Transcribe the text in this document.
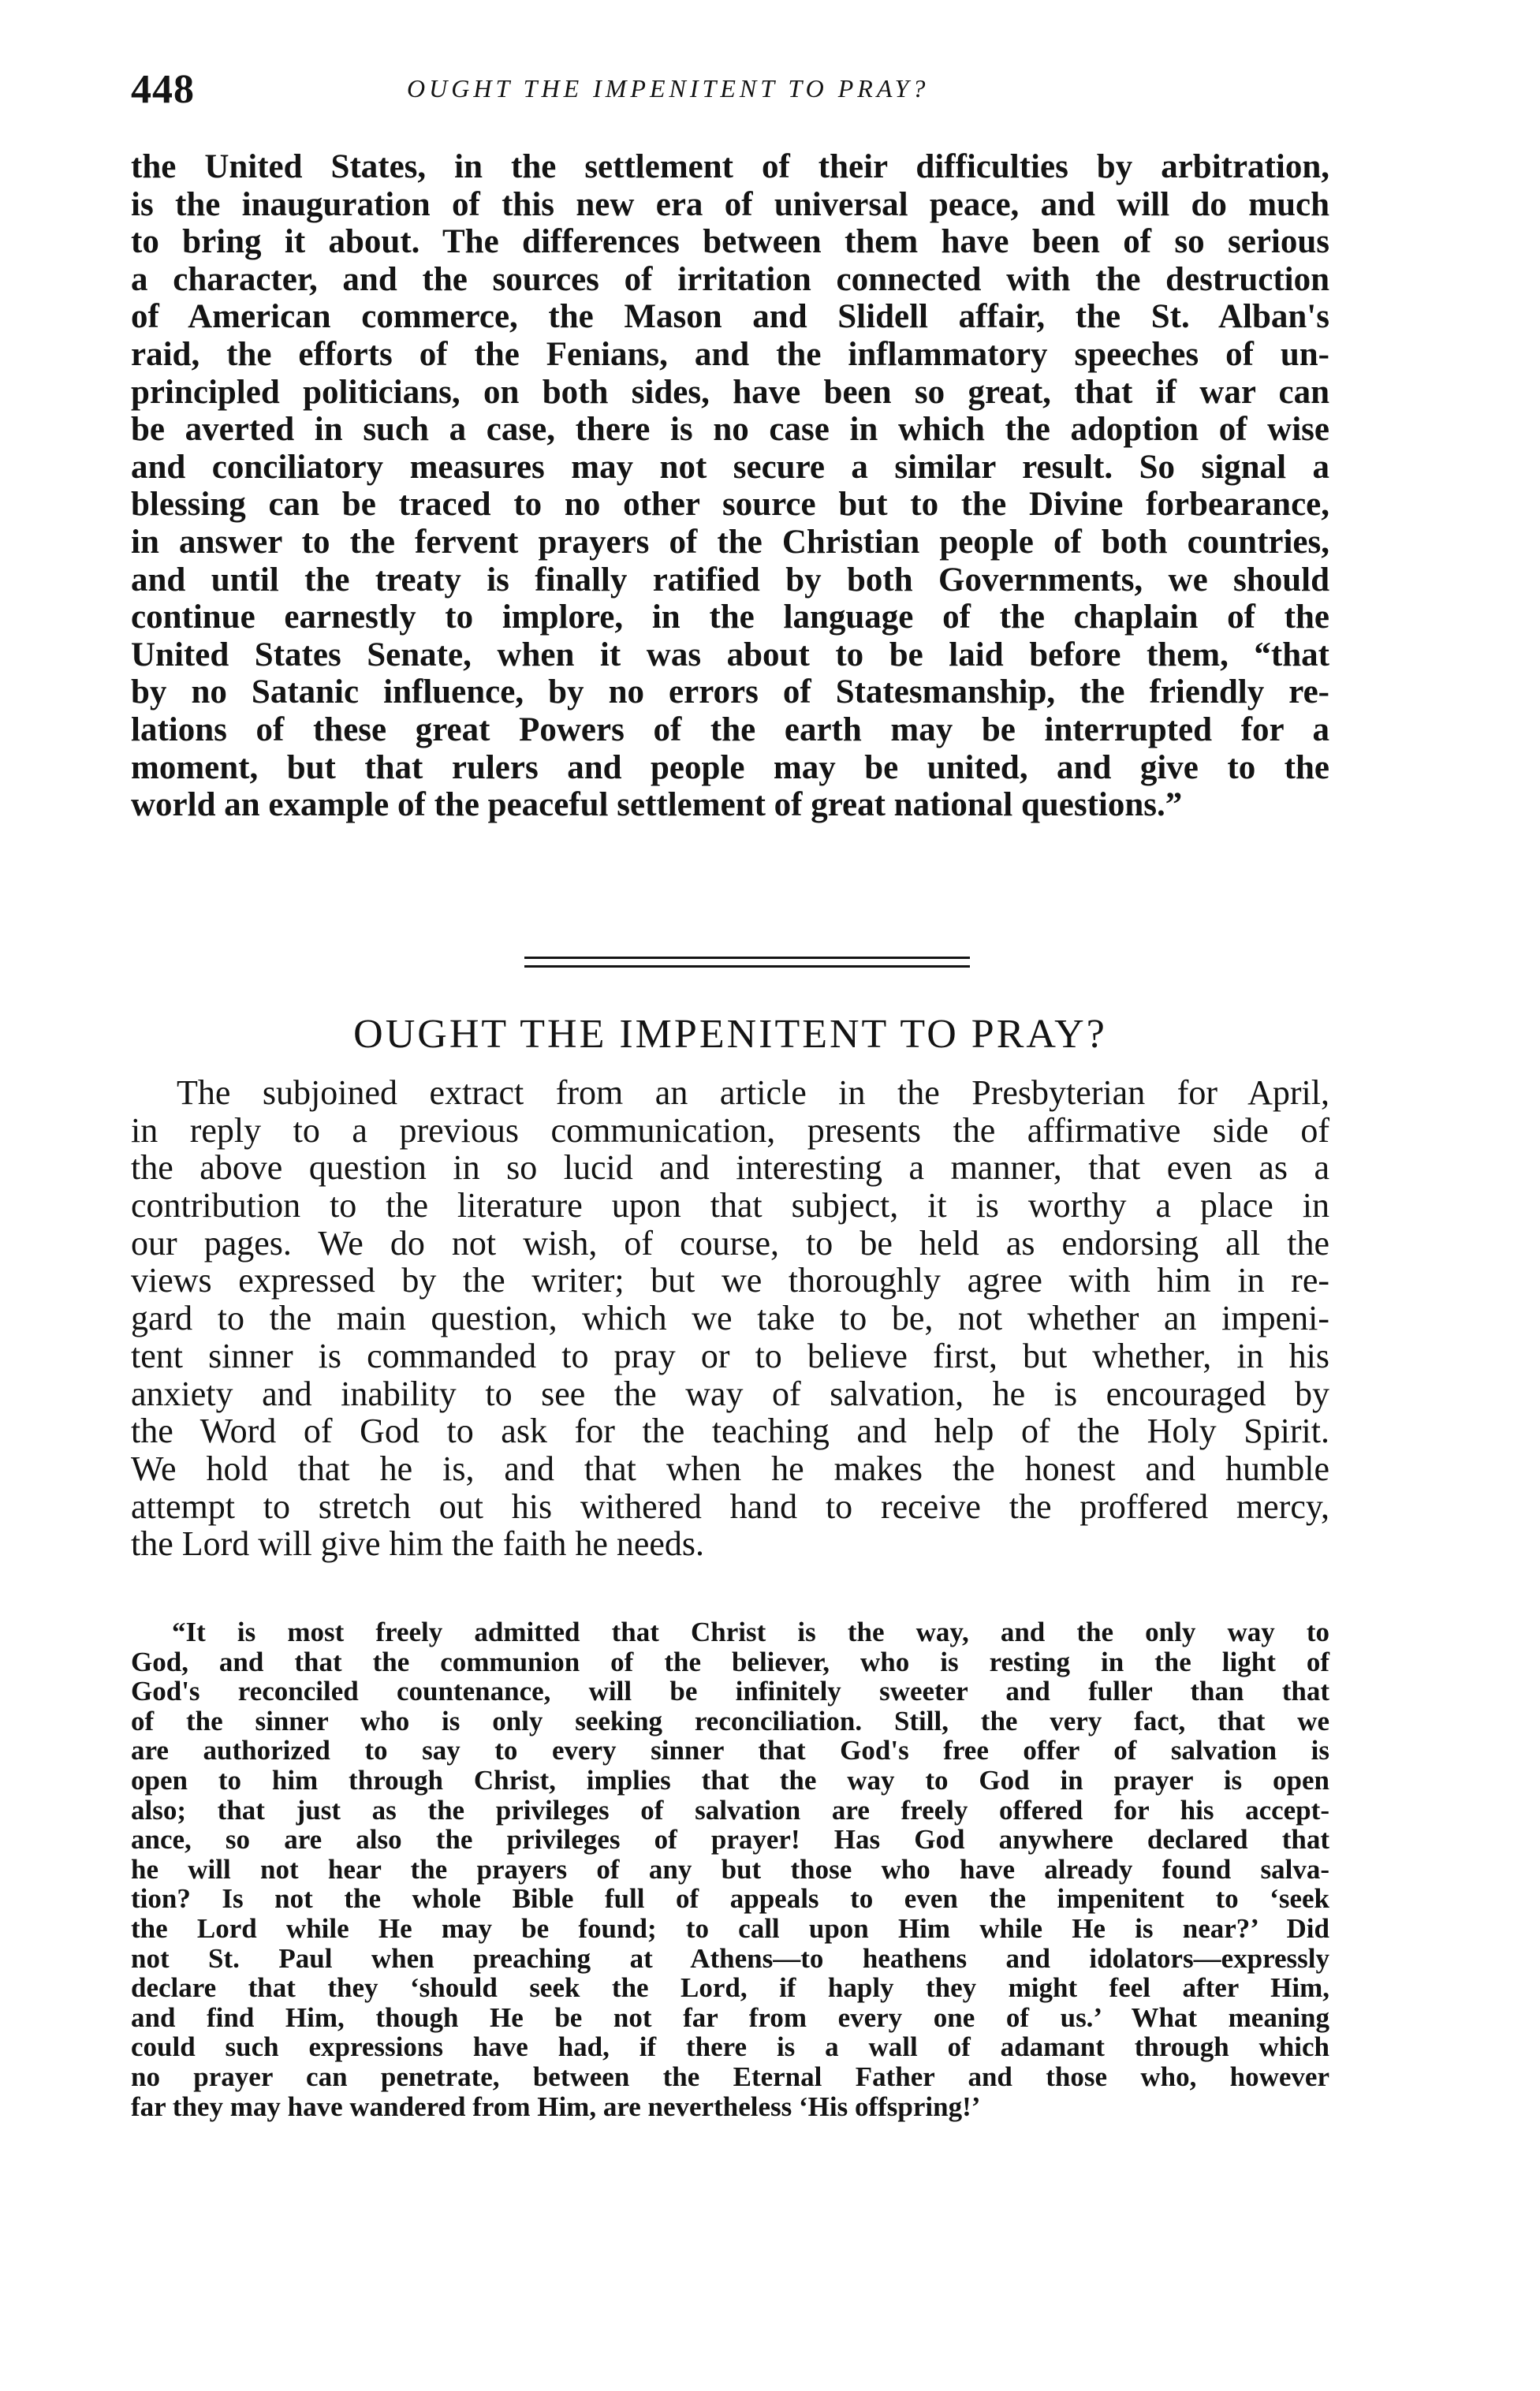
448	OUGHT THE IMPENITENT TO PRAY?
the United States, in the settlement of their difficulties by arbitration,
is the inauguration of this new era of universal peace, and will do much
to bring it about. The differences between them have been of so serious
a character, and the sources of irritation connected with the destruction
of American commerce, the Mason and Slidell affair, the St. Alban's
raid, the efforts of the Fenians, and the inflammatory speeches of un-
principled politicians, on both sides, have been so great, that if war can
be averted in such a case, there is no case in which the adoption of wise
and conciliatory measures may not secure a similar result. So signal a
blessing can be traced to no other source but to the Divine forbearance,
in answer to the fervent prayers of the Christian people of both countries,
and until the treaty is finally ratified by both Governments, we should
continue earnestly to implore, in the language of the chaplain of the
United States Senate, when it was about to be laid before them, “that
by no Satanic influence, by no errors of Statesmanship, the friendly re-
lations of these great Powers of the earth may be interrupted for a
moment, but that rulers and people may be united, and give to the
world an example of the peaceful settlement of great national questions.”
OUGHT THE IMPENITENT TO PRAY?
The subjoined extract from an article in the Presbyterian for April,
in reply to a previous communication, presents the affirmative side of
the above question in so lucid and interesting a manner, that even as a
contribution to the literature upon that subject, it is worthy a place in
our pages. We do not wish, of course, to be held as endorsing all the
views expressed by the writer; but we thoroughly agree with him in re-
gard to the main question, which we take to be, not whether an impeni-
tent sinner is commanded to pray or to believe first, but whether, in his
anxiety and inability to see the way of salvation, he is encouraged by
the Word of God to ask for the teaching and help of the Holy Spirit.
We hold that he is, and that when he makes the honest and humble
attempt to stretch out his withered hand to receive the proffered mercy,
the Lord will give him the faith he needs.
“It is most freely admitted that Christ is the way, and the only way to
God, and that the communion of the believer, who is resting in the light of
God's reconciled countenance, will be infinitely sweeter and fuller than that
of the sinner who is only seeking reconciliation. Still, the very fact, that we
are authorized to say to every sinner that God's free offer of salvation is
open to him through Christ, implies that the way to God in prayer is open
also; that just as the privileges of salvation are freely offered for his accept-
ance, so are also the privileges of prayer! Has God anywhere declared that
he will not hear the prayers of any but those who have already found salva-
tion? Is not the whole Bible full of appeals to even the impenitent to ‘seek
the Lord while He may be found; to call upon Him while He is near?’ Did
not St. Paul when preaching at Athens—to heathens and idolators—expressly
declare that they ‘should seek the Lord, if haply they might feel after Him,
and find Him, though He be not far from every one of us.’ What meaning
could such expressions have had, if there is a wall of adamant through which
no prayer can penetrate, between the Eternal Father and those who, however
far they may have wandered from Him, are nevertheless ‘His offspring!’
